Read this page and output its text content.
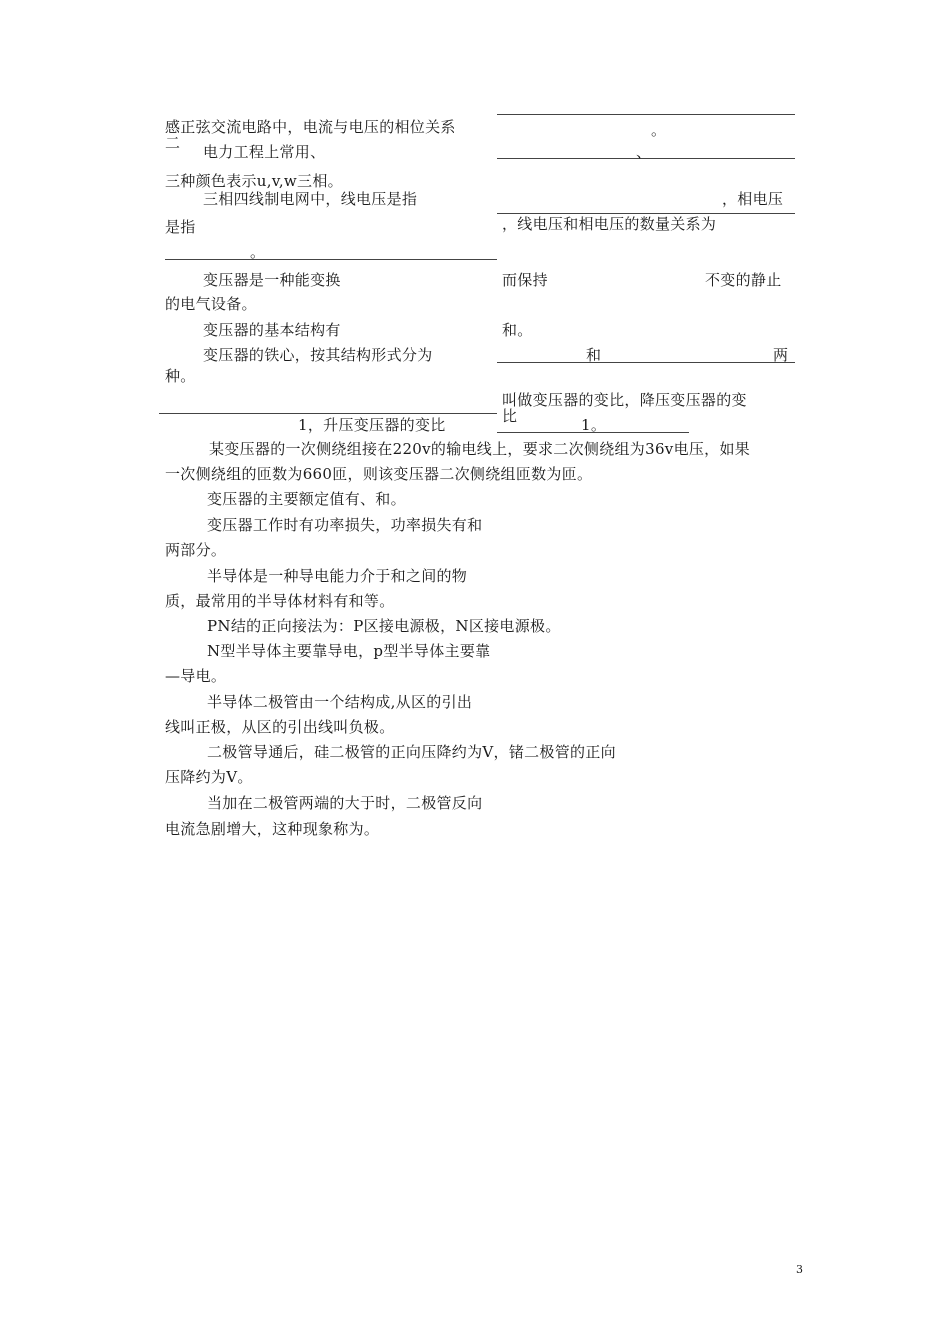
感正弦交流电路中，电流与电压的相位关系	。
二 电力工程上常用、	、
三种颜色表示u,v,w三相。
三相四线制电网中，线电压是指	，相电压
是指	，线电压和相电压的数量关系为
。
变压器是一种能变换	而保持	不变的静止
的电气设备。
变压器的基本结构有	和。
变压器的铁心，按其结构形式分为	和	两
种。
叫做变压器的变比，降压变压器的变
比
1，升压变压器的变比	1。
某变压器的一次侧绕组接在220v的输电线上，要求二次侧绕组为36v电压，如果
一次侧绕组的匝数为660匝，则该变压器二次侧绕组匝数为匝。
变压器的主要额定值有、和。
变压器工作时有功率损失，功率损失有和
两部分。
半导体是一种导电能力介于和之间的物
质，最常用的半导体材料有和等。
PN结的正向接法为：P区接电源极，N区接电源极。
N型半导体主要靠导电，p型半导体主要靠
—导电。
半导体二极管由一个结构成,从区的引出
线叫正极，从区的引出线叫负极。
二极管导通后，硅二极管的正向压降约为V，锗二极管的正向
压降约为V。
当加在二极管两端的大于时，二极管反向
电流急剧增大，这种现象称为。
3
